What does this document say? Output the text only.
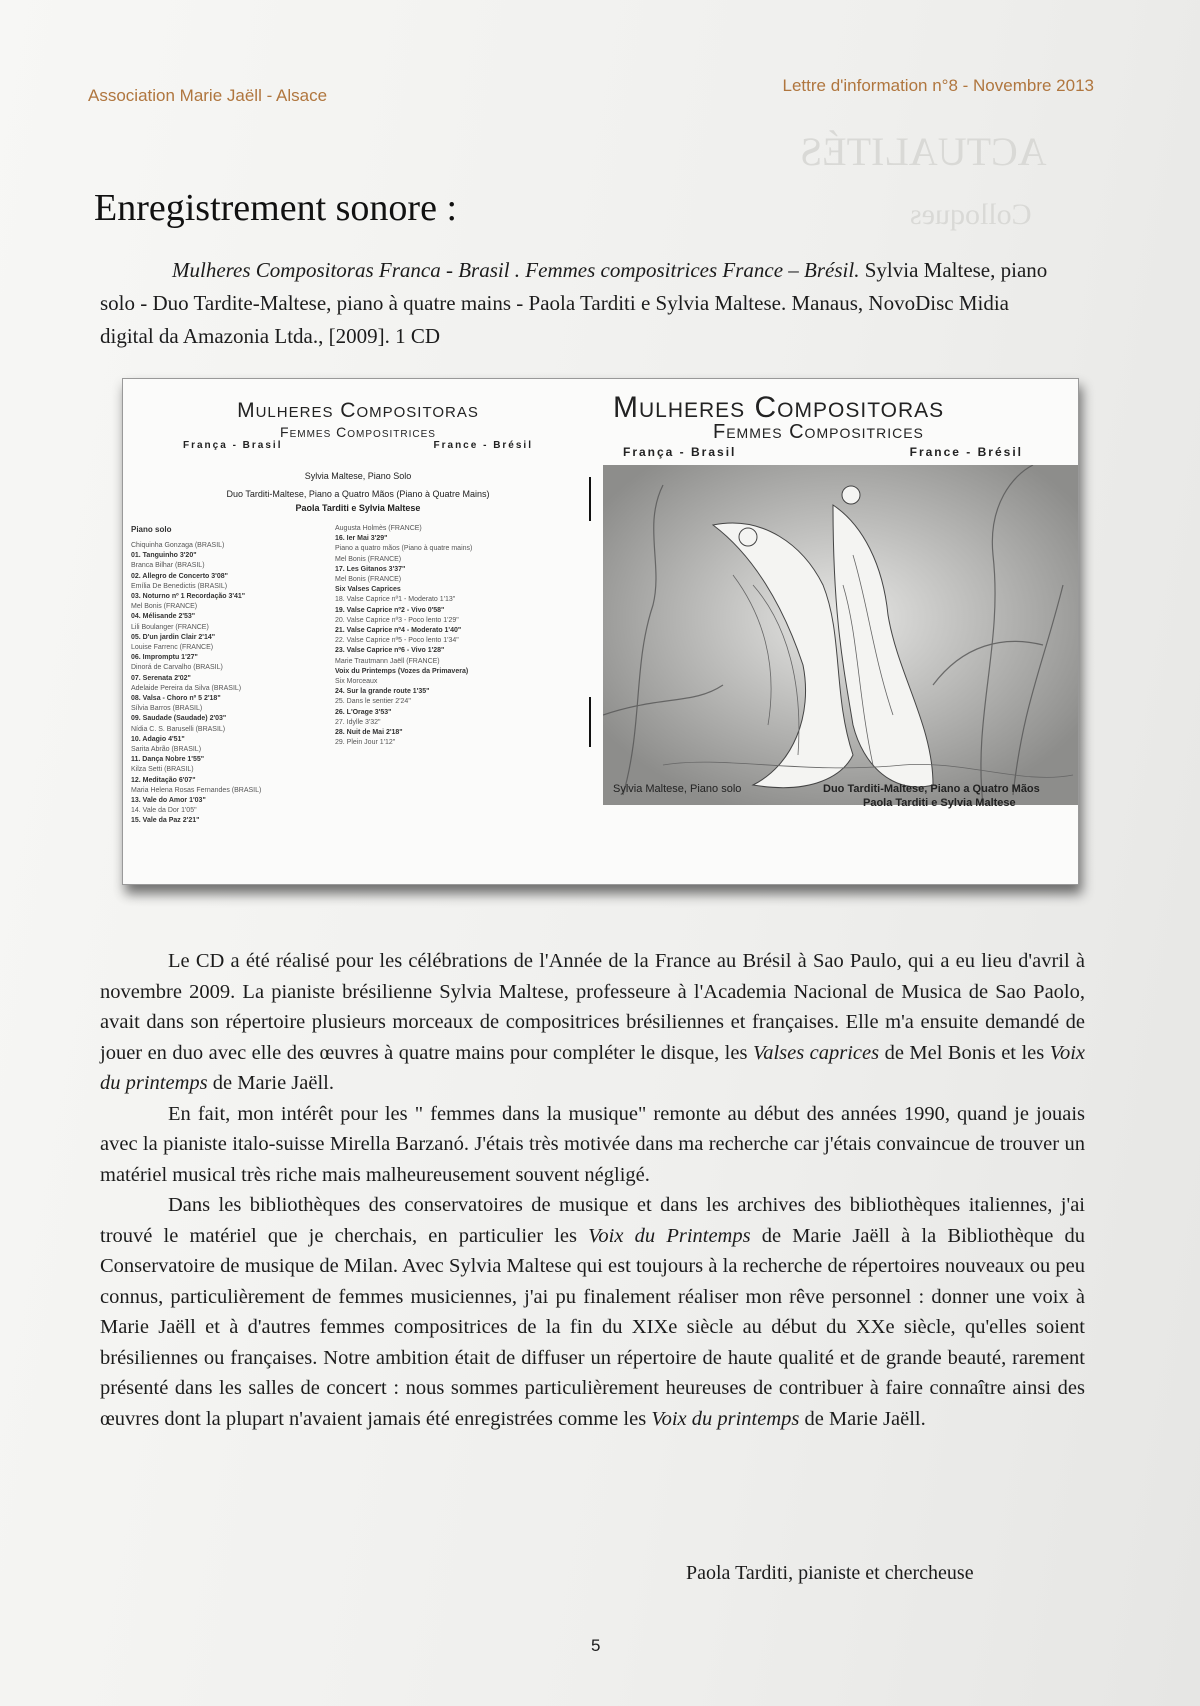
ACTUALITÉS
Colloques
Association Marie Jaëll - Alsace
Lettre d'information n°8 - Novembre 2013
Enregistrement sonore :

Mulheres Compositoras Franca - Brasil . Femmes compositrices France – Brésil. Sylvia Maltese, piano solo - Duo Tardite-Maltese, piano à quatre mains - Paola Tarditi e Sylvia Maltese. Manaus, NovoDisc Midia digital da Amazonia Ltda., [2009]. 1 CD

Mulheres Compositoras
Femmes Compositrices
França - Brasil	France - Brésil
Sylvia Maltese, Piano Solo
Duo Tarditi-Maltese, Piano a Quatro Mãos (Piano à Quatre Mains)
Paola Tarditi e Sylvia Maltese
Piano solo
Chiquinha Gonzaga (BRASIL)
01. Tanguinho 3'20"
Branca Bilhar (BRASIL)
02. Allegro de Concerto 3'08"
Emília De Benedictis (BRASIL)
03. Noturno nº 1 Recordação 3'41"
Mel Bonis (FRANCE)
04. Mélisande 2'53"
Lili Boulanger (FRANCE)
05. D'un jardin Clair 2'14"
Louise Farrenc (FRANCE)
06. Impromptu 1'27"
Dinorá de Carvalho (BRASIL)
07. Serenata 2'02"
Adelaide Pereira da Silva (BRASIL)
08. Valsa - Choro nº 5 2'18"
Sílvia Barros (BRASIL)
09. Saudade (Saudade) 2'03"
Nídia C. S. Baruselli (BRASIL)
10. Adagio 4'51"
Sarita Abrão (BRASIL)
11. Dança Nobre 1'55"
Kilza Setti (BRASIL)
12. Meditação 6'07"
Maria Helena Rosas Fernandes (BRASIL)
13. Vale do Amor 1'03"
14. Vale da Dor 1'05"
15. Vale da Paz 2'21"
Augusta Holmès (FRANCE)
16. Ier Mai 3'29"
Piano a quatro mãos (Piano à quatre mains)
Mel Bonis (FRANCE)
17. Les Gitanos 3'37"
Mel Bonis (FRANCE)
Six Valses Caprices
18. Valse Caprice nº1 - Moderato 1'13"
19. Valse Caprice nº2 - Vivo 0'58"
20. Valse Caprice nº3 - Poco lento 1'29"
21. Valse Caprice nº4 - Moderato 1'40"
22. Valse Caprice nº5 - Poco lento 1'34"
23. Valse Caprice nº6 - Vivo 1'28"
Marie Trautmann Jaëll (FRANCE)
Voix du Printemps (Vozes da Primavera)
Six Morceaux
24. Sur la grande route 1'35"
25. Dans le sentier 2'24"
26. L'Orage 3'53"
27. Idylle 3'32"
28. Nuit de Mai 2'18"
29. Plein Jour 1'12"
Mulheres Compositoras
Femmes Compositrices
França - Brasil	France - Brésil
Sylvia Maltese, Piano solo	Duo Tarditi-Maltese, Piano a Quatro Mãos
Paola Tarditi e Sylvia Maltese

Le CD a été réalisé pour les célébrations de l'Année de la France au Brésil à Sao Paulo, qui a eu lieu d'avril à novembre 2009. La pianiste brésilienne Sylvia Maltese, professeure à l'Academia Nacional de Musica de Sao Paolo, avait dans son répertoire plusieurs morceaux de compositrices brésiliennes et françaises. Elle m'a ensuite demandé de jouer en duo avec elle des œuvres à quatre mains pour compléter le disque, les Valses caprices de Mel Bonis et les Voix du printemps de Marie Jaëll.

En fait, mon intérêt pour les " femmes dans la musique" remonte au début des années 1990, quand je jouais avec la pianiste italo-suisse Mirella Barzanó. J'étais très motivée dans ma recherche car j'étais convaincue de trouver un matériel musical très riche mais malheureusement souvent négligé.

Dans les bibliothèques des conservatoires de musique et dans les archives des bibliothèques italiennes, j'ai trouvé le matériel que je cherchais, en particulier les Voix du Printemps de Marie Jaëll à la Bibliothèque du Conservatoire de musique de Milan. Avec Sylvia Maltese qui est toujours à la recherche de répertoires nouveaux ou peu connus, particulièrement de femmes musiciennes, j'ai pu finalement réaliser mon rêve personnel : donner une voix à Marie Jaëll et à d'autres femmes compositrices de la fin du XIXe siècle au début du XXe siècle, qu'elles soient brésiliennes ou françaises. Notre ambition était de diffuser un répertoire de haute qualité et de grande beauté, rarement présenté dans les salles de concert : nous sommes particulièrement heureuses de contribuer à faire connaître ainsi des œuvres dont la plupart n'avaient jamais été enregistrées comme les Voix du printemps de Marie Jaëll.

Paola Tarditi, pianiste et chercheuse
5
